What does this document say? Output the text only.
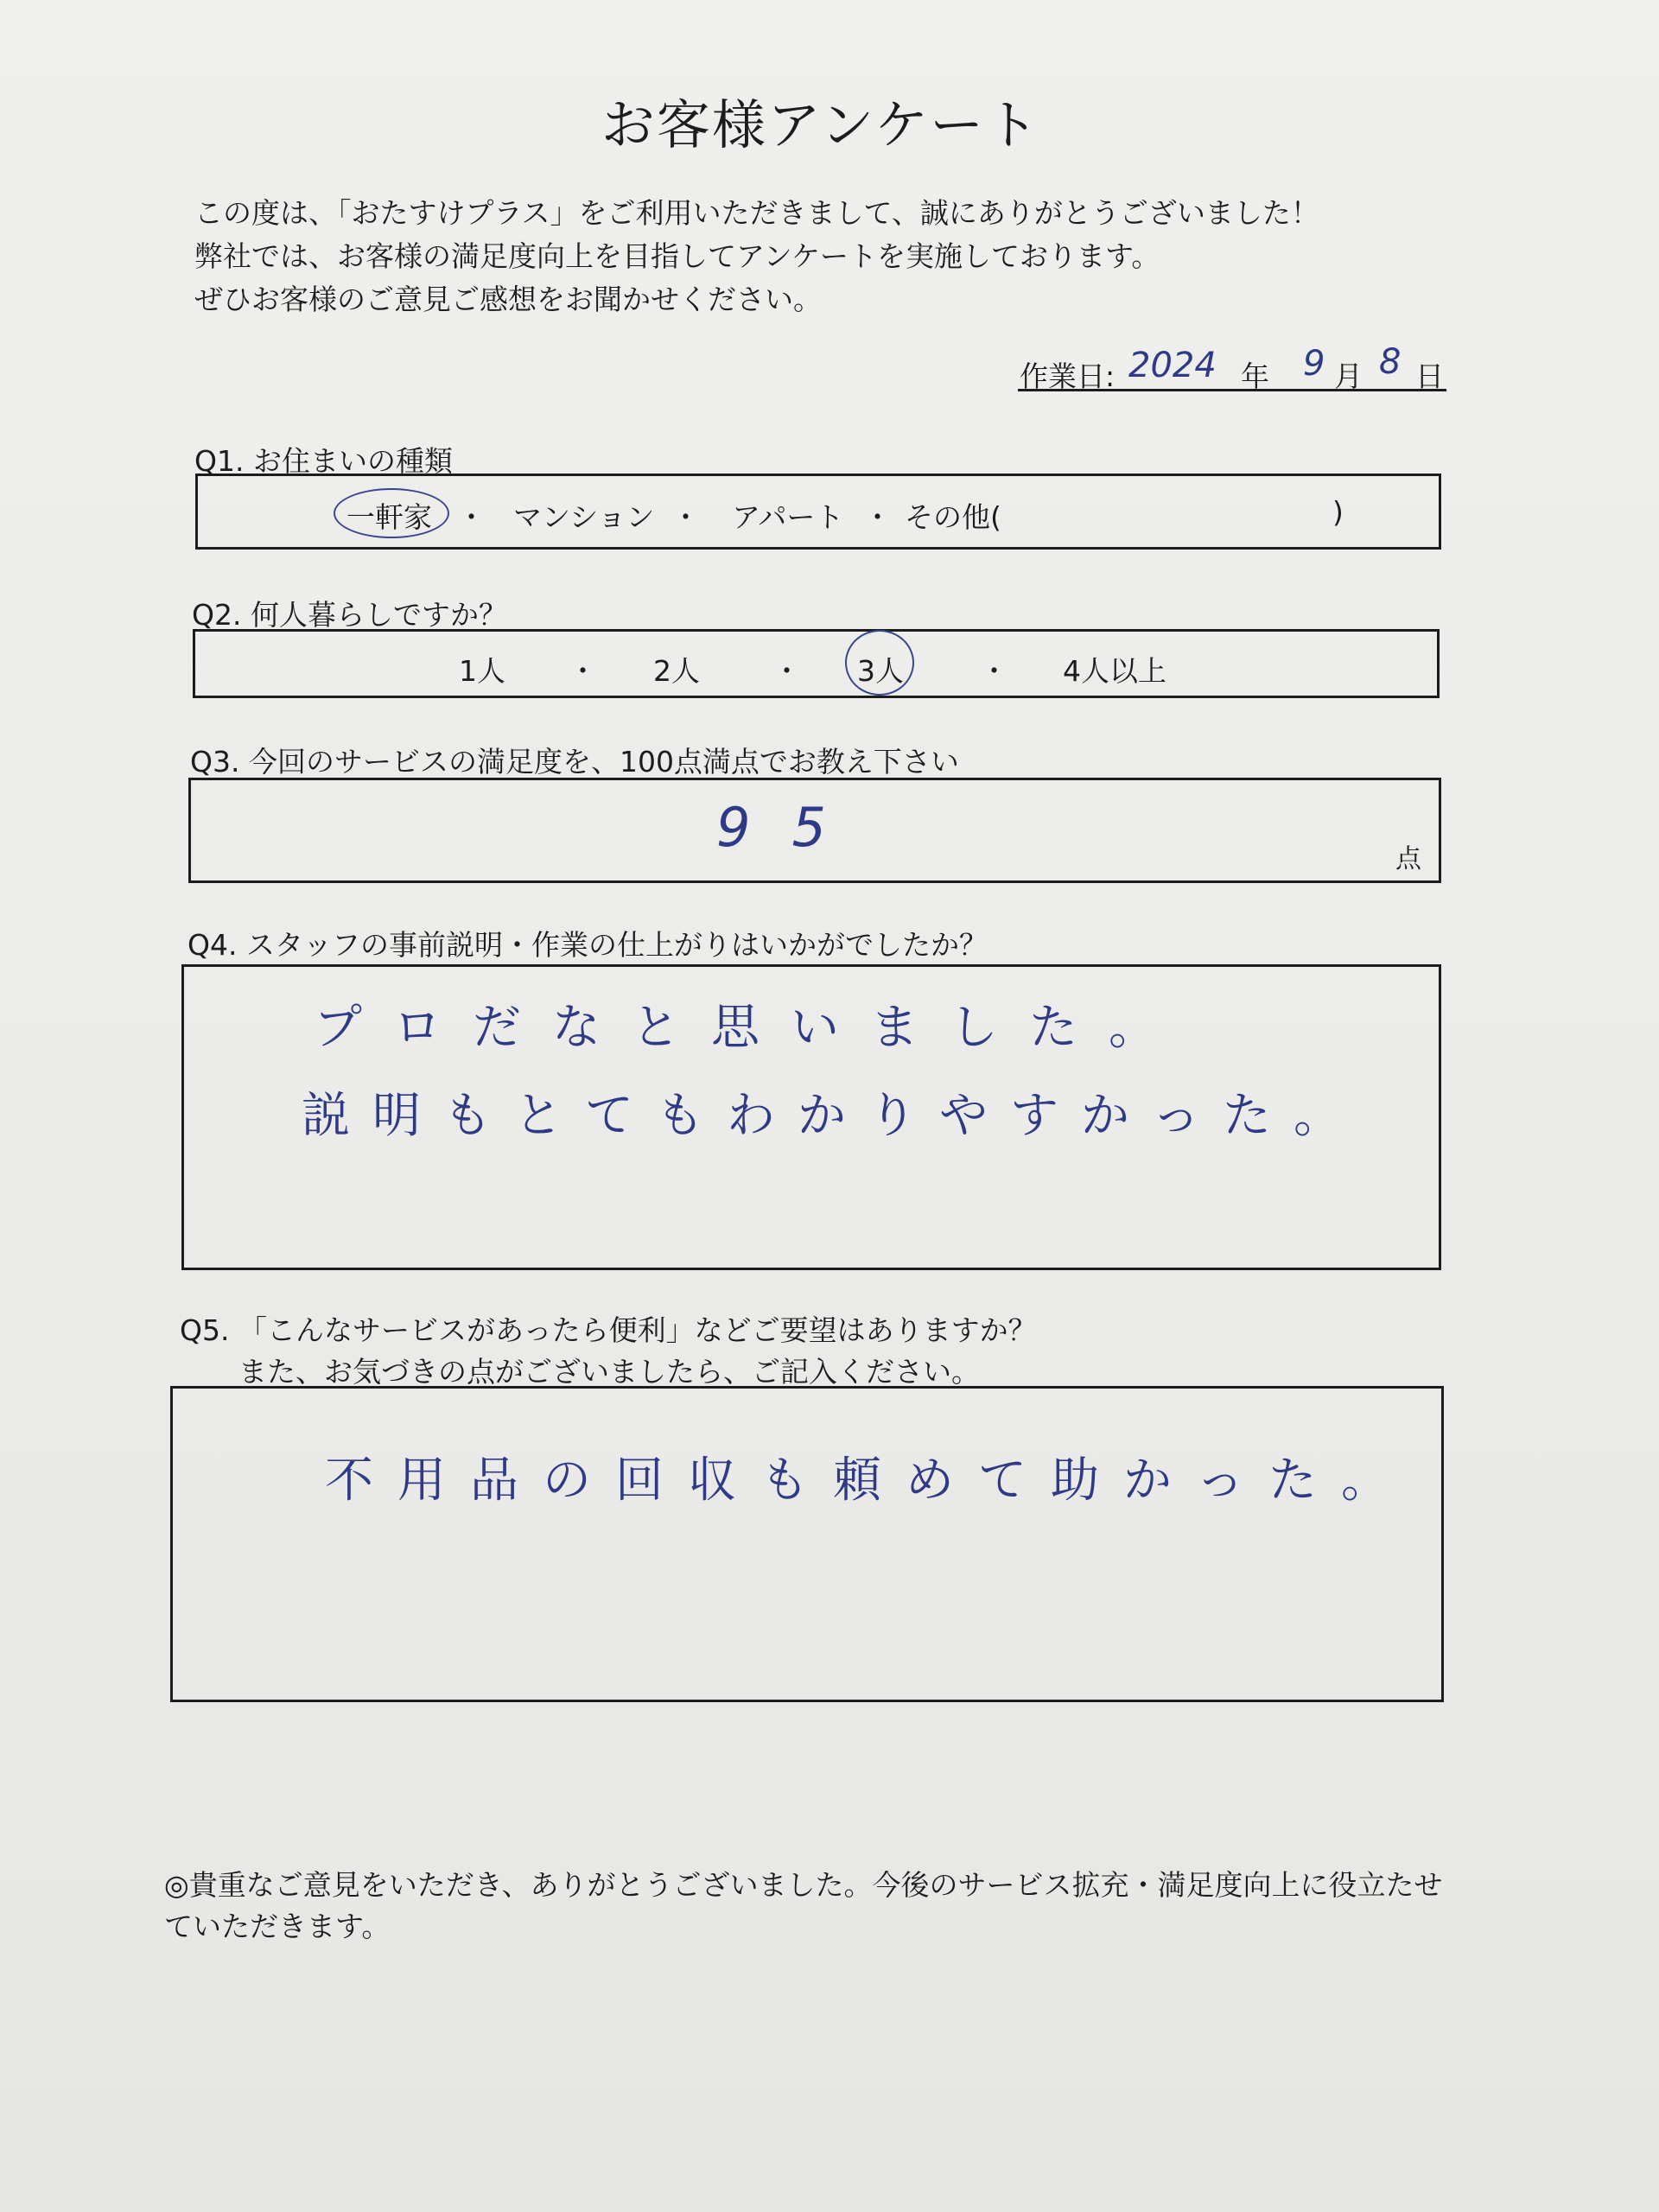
お客様アンケート
この度は、「おたすけプラス」をご利用いただきまして、誠にありがとうございました！
弊社では、お客様の満足度向上を目指してアンケートを実施しております。
ぜひお客様のご意見ご感想をお聞かせください。
作業日: 2024 年 9 月 8 日
Q1. お住まいの種類
一軒家 ・ マンション ・ アパート ・ その他(	)
Q2. 何人暮らしですか？
1人 ・ 2人	・ 3人	・ 4人以上
Q3. 今回のサービスの満足度を、100点満点でお教え下さい
95
点
Q4. スタッフの事前説明・作業の仕上がりはいかがでしたか？
プロだなと思いました。
説明もとてもわかりやすかった。
Q5. 「こんなサービスがあったら便利」などご要望はありますか？
また、お気づきの点がございましたら、ご記入ください。
不用品の回収も頼めて助かった。
◎貴重なご意見をいただき、ありがとうございました。今後のサービス拡充・満足度向上に役立たせていただきます。
